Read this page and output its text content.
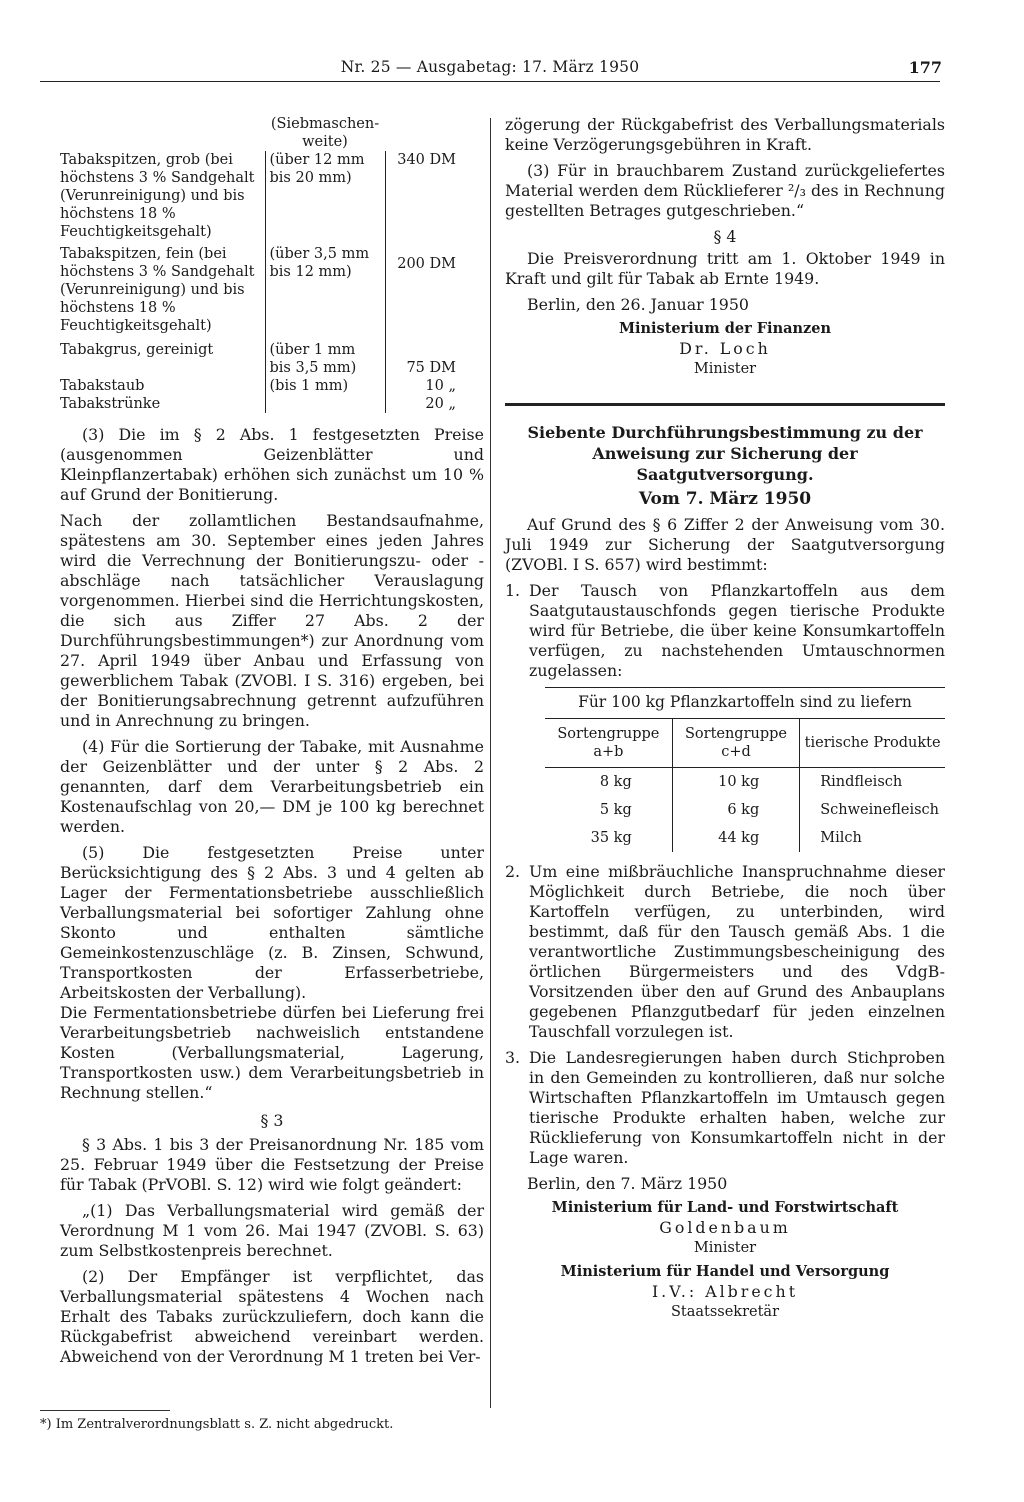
Nr. 25 — Ausgabetag: 17. März 1950	177
	(Siebmaschen-weite)	
Tabakspitzen, grob (bei höchstens 3 % Sandgehalt (Verunreinigung) und bis höchstens 18 % Feuchtigkeitsgehalt)	(über 12 mm bis 20 mm)	340 DM
Tabakspitzen, fein (bei höchstens 3 % Sandgehalt (Verunreinigung) und bis höchstens 18 % Feuchtigkeitsgehalt)	(über 3,5 mm bis 12 mm)	200 DM
Tabakgrus, gereinigt	(über 1 mm bis 3,5 mm)	75 DM
Tabakstaub	(bis 1 mm)	10 „
Tabakstrünke		20 „

(3) Die im § 2 Abs. 1 festgesetzten Preise (ausgenommen Geizenblätter und Kleinpflanzertabak) erhöhen sich zunächst um 10 % auf Grund der Bonitierung.

Nach der zollamtlichen Bestandsaufnahme, spätestens am 30. September eines jeden Jahres wird die Verrechnung der Bonitierungszu- oder -abschläge nach tatsächlicher Verauslagung vorgenommen. Hierbei sind die Herrichtungskosten, die sich aus Ziffer 27 Abs. 2 der Durchführungsbestimmungen*) zur Anordnung vom 27. April 1949 über Anbau und Erfassung von gewerblichem Tabak (ZVOBl. I S. 316) ergeben, bei der Bonitierungsabrechnung getrennt aufzuführen und in Anrechnung zu bringen.

(4) Für die Sortierung der Tabake, mit Ausnahme der Geizenblätter und der unter § 2 Abs. 2 genannten, darf dem Verarbeitungsbetrieb ein Kostenaufschlag von 20,— DM je 100 kg berechnet werden.

(5) Die festgesetzten Preise unter Berücksichtigung des § 2 Abs. 3 und 4 gelten ab Lager der Fermentationsbetriebe ausschließlich Verballungsmaterial bei sofortiger Zahlung ohne Skonto und enthalten sämtliche Gemeinkostenzuschläge (z. B. Zinsen, Schwund, Transportkosten der Erfasserbetriebe, Arbeitskosten der Verballung).

Die Fermentationsbetriebe dürfen bei Lieferung frei Verarbeitungsbetrieb nachweislich entstandene Kosten (Verballungsmaterial, Lagerung, Transportkosten usw.) dem Verarbeitungsbetrieb in Rechnung stellen.“

§ 3

§ 3 Abs. 1 bis 3 der Preisanordnung Nr. 185 vom 25. Februar 1949 über die Festsetzung der Preise für Tabak (PrVOBl. S. 12) wird wie folgt geändert:

„(1) Das Verballungsmaterial wird gemäß der Verordnung M 1 vom 26. Mai 1947 (ZVOBl. S. 63) zum Selbstkostenpreis berechnet.

(2) Der Empfänger ist verpflichtet, das Verballungsmaterial spätestens 4 Wochen nach Erhalt des Tabaks zurückzuliefern, doch kann die Rückgabefrist abweichend vereinbart werden. Abweichend von der Verordnung M 1 treten bei Ver-

zögerung der Rückgabefrist des Verballungsmaterials keine Verzögerungsgebühren in Kraft.

(3) Für in brauchbarem Zustand zurückgeliefertes Material werden dem Rücklieferer ²/₃ des in Rechnung gestellten Betrages gutgeschrieben.“

§ 4

Die Preisverordnung tritt am 1. Oktober 1949 in Kraft und gilt für Tabak ab Ernte 1949.

Berlin, den 26. Januar 1950

Ministerium der Finanzen

Dr. Loch

Minister

Siebente Durchführungsbestimmung zu der Anweisung zur Sicherung der Saatgutversorgung.

Vom 7. März 1950

Auf Grund des § 6 Ziffer 2 der Anweisung vom 30. Juli 1949 zur Sicherung der Saatgutversorgung (ZVOBl. I S. 657) wird bestimmt:

1. Der Tausch von Pflanzkartoffeln aus dem Saatgutaustauschfonds gegen tierische Produkte wird für Betriebe, die über keine Konsumkartoffeln verfügen, zu nachstehenden Umtauschnormen zugelassen:
Für 100 kg Pflanzkartoffeln sind zu liefern
Sortengruppe a+b	Sortengruppe c+d	tierische Produkte
8 kg	10 kg	Rindfleisch
5 kg	6 kg	Schweinefleisch
35 kg	44 kg	Milch
2. Um eine mißbräuchliche Inanspruchnahme dieser Möglichkeit durch Betriebe, die noch über Kartoffeln verfügen, zu unterbinden, wird bestimmt, daß für den Tausch gemäß Abs. 1 die verantwortliche Zustimmungsbescheinigung des örtlichen Bürgermeisters und des VdgB-Vorsitzenden über den auf Grund des Anbauplans gegebenen Pflanzgutbedarf für jeden einzelnen Tauschfall vorzulegen ist.
3. Die Landesregierungen haben durch Stichproben in den Gemeinden zu kontrollieren, daß nur solche Wirtschaften Pflanzkartoffeln im Umtausch gegen tierische Produkte erhalten haben, welche zur Rücklieferung von Konsumkartoffeln nicht in der Lage waren.

Berlin, den 7. März 1950

Ministerium für Land- und Forstwirtschaft

Goldenbaum

Minister

Ministerium für Handel und Versorgung

I.V.: Albrecht

Staatssekretär

*) Im Zentralverordnungsblatt s. Z. nicht abgedruckt.
